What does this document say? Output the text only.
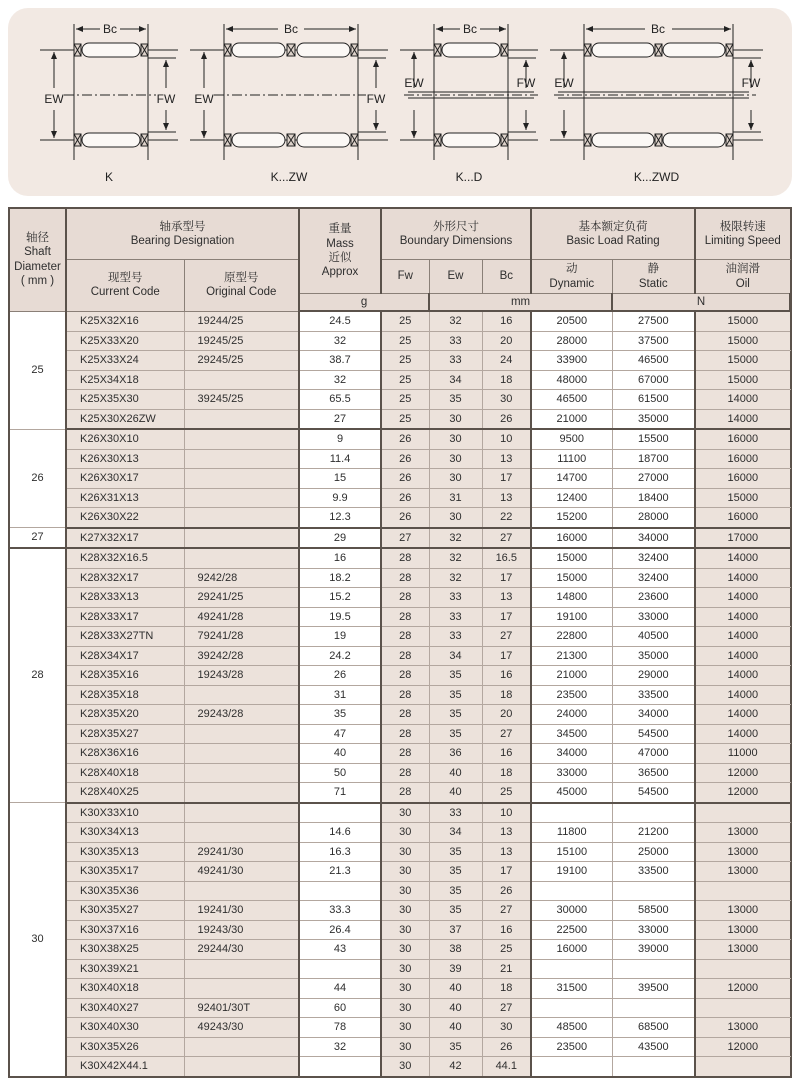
Bc
EW	FW
K
Bc
EW	FW
K...ZW
Bc
EW	FW
K...D
Bc
EW	FW
K...ZWD
轴径
Shaft
Diameter
( mm )	轴承型号
Bearing Designation		重量
Mass
近似
Approx	外形尺寸
Boundary Dimensions			基本额定负荷
Basic Load Rating		极限转速
Limiting Speed	
	现型号
Current Code	原型号
Original Code		Fw	Ew	Bc	动
Dynamic	静
Static	油润滑
Oil	
			g		mm			N	
25	K25X32X16	19244/25	24.5	25	32	16	20500	27500	15000	
	K25X33X20	19245/25	32	25	33	20	28000	37500	15000	
	K25X33X24	29245/25	38.7	25	33	24	33900	46500	15000	
	K25X34X18		32	25	34	18	48000	67000	15000	
	K25X35X30	39245/25	65.5	25	35	30	46500	61500	14000	
	K25X30X26ZW		27	25	30	26	21000	35000	14000	
26	K26X30X10		9	26	30	10	9500	15500	16000	
	K26X30X13		11.4	26	30	13	11100	18700	16000	
	K26X30X17		15	26	30	17	14700	27000	16000	
	K26X31X13		9.9	26	31	13	12400	18400	15000	
	K26X30X22		12.3	26	30	22	15200	28000	16000	
27	K27X32X17		29	27	32	27	16000	34000	17000	
28	K28X32X16.5		16	28	32	16.5	15000	32400	14000	
	K28X32X17	9242/28	18.2	28	32	17	15000	32400	14000	
	K28X33X13	29241/25	15.2	28	33	13	14800	23600	14000	
	K28X33X17	49241/28	19.5	28	33	17	19100	33000	14000	
	K28X33X27TN	79241/28	19	28	33	27	22800	40500	14000	
	K28X34X17	39242/28	24.2	28	34	17	21300	35000	14000	
	K28X35X16	19243/28	26	28	35	16	21000	29000	14000	
	K28X35X18		31	28	35	18	23500	33500	14000	
	K28X35X20	29243/28	35	28	35	20	24000	34000	14000	
	K28X35X27		47	28	35	27	34500	54500	14000	
	K28X36X16		40	28	36	16	34000	47000	11000	
	K28X40X18		50	28	40	18	33000	36500	12000	
	K28X40X25		71	28	40	25	45000	54500	12000	
30	K30X33X10			30	33	10				
	K30X34X13		14.6	30	34	13	11800	21200	13000	
	K30X35X13	29241/30	16.3	30	35	13	15100	25000	13000	
	K30X35X17	49241/30	21.3	30	35	17	19100	33500	13000	
	K30X35X36			30	35	26				
	K30X35X27	19241/30	33.3	30	35	27	30000	58500	13000	
	K30X37X16	19243/30	26.4	30	37	16	22500	33000	13000	
	K30X38X25	29244/30	43	30	38	25	16000	39000	13000	
	K30X39X21			30	39	21				
	K30X40X18		44	30	40	18	31500	39500	12000	
	K30X40X27	92401/30T	60	30	40	27				
	K30X40X30	49243/30	78	30	40	30	48500	68500	13000	
	K30X35X26		32	30	35	26	23500	43500	12000	
	K30X42X44.1			30	42	44.1				
